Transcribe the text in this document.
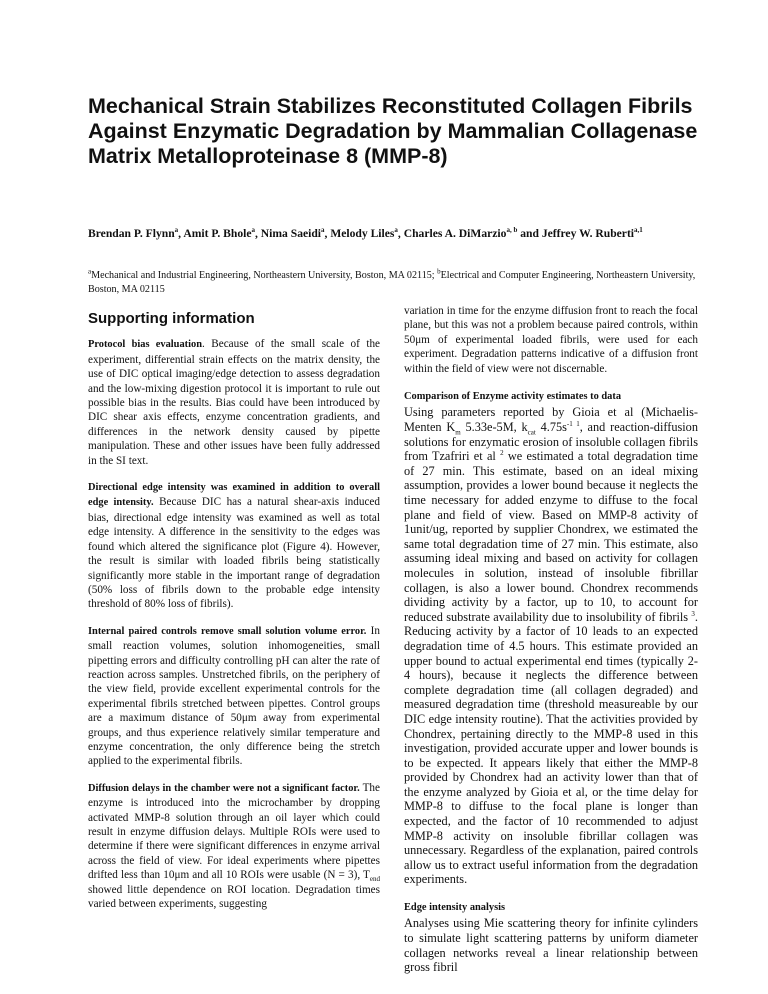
Mechanical Strain Stabilizes Reconstituted Collagen Fibrils Against Enzymatic Degradation by Mammalian Collagenase Matrix Metalloproteinase 8 (MMP-8)
Brendan P. Flynn$^a$, Amit P. Bhole$^a$, Nima Saeidi$^a$, Melody Liles$^a$, Charles A. DiMarzio$^{a, b}$ and Jeffrey W. Ruberti$^{a,1}$
$^a$Mechanical and Industrial Engineering, Northeastern University, Boston, MA 02115; $^b$Electrical and Computer Engineering, Northeastern University, Boston, MA 02115
Supporting information

Protocol bias evaluation. Because of the small scale of the experiment, differential strain effects on the matrix density, the use of DIC optical imaging/edge detection to assess degradation and the low-mixing digestion protocol it is important to rule out possible bias in the results. Bias could have been introduced by DIC shear axis effects, enzyme concentration gradients, and differences in the network density caused by pipette manipulation. These and other issues have been fully addressed in the SI text.

Directional edge intensity was examined in addition to overall edge intensity. Because DIC has a natural shear-axis induced bias, directional edge intensity was examined as well as total edge intensity. A difference in the sensitivity to the edges was found which altered the significance plot (Figure 4). However, the result is similar with loaded fibrils being statistically significantly more stable in the important range of degradation (50% loss of fibrils down to the probable edge intensity threshold of 80% loss of fibrils).

Internal paired controls remove small solution volume error. In small reaction volumes, solution inhomogeneities, small pipetting errors and difficulty controlling pH can alter the rate of reaction across samples. Unstretched fibrils, on the periphery of the view field, provide excellent experimental controls for the experimental fibrils stretched between pipettes. Control groups are a maximum distance of 50μm away from experimental groups, and thus experience relatively similar temperature and enzyme concentration, the only difference being the stretch applied to the experimental fibrils.

Diffusion delays in the chamber were not a significant factor. The enzyme is introduced into the microchamber by dropping activated MMP-8 solution through an oil layer which could result in enzyme diffusion delays. Multiple ROIs were used to determine if there were significant differences in enzyme arrival across the field of view. For ideal experiments where pipettes drifted less than 10μm and all 10 ROIs were usable (N = 3), $T_{end}$ showed little dependence on ROI location. Degradation times varied between experiments, suggesting

variation in time for the enzyme diffusion front to reach the focal plane, but this was not a problem because paired controls, within 50μm of experimental loaded fibrils, were used for each experiment. Degradation patterns indicative of a diffusion front within the field of view were not discernable.

Comparison of Enzyme activity estimates to data

Using parameters reported by Gioia et al (Michaelis-Menten $K_m$ 5.33e-5M, $k_{cat}$ $4.75s^{-1 1}$, and reaction-diffusion solutions for enzymatic erosion of insoluble collagen fibrils from Tzafriri et al $^2$ we estimated a total degradation time of 27 min. This estimate, based on an ideal mixing assumption, provides a lower bound because it neglects the time necessary for added enzyme to diffuse to the focal plane and field of view. Based on MMP-8 activity of 1unit/ug, reported by supplier Chondrex, we estimated the same total degradation time of 27 min. This estimate, also assuming ideal mixing and based on activity for collagen molecules in solution, instead of insoluble fibrillar collagen, is also a lower bound. Chondrex recommends dividing activity by a factor, up to 10, to account for reduced substrate availability due to insolubility of fibrils $^3$. Reducing activity by a factor of 10 leads to an expected degradation time of 4.5 hours. This estimate provided an upper bound to actual experimental end times (typically 2-4 hours), because it neglects the difference between complete degradation time (all collagen degraded) and measured degradation time (threshold measureable by our DIC edge intensity routine). That the activities provided by Chondrex, pertaining directly to the MMP-8 used in this investigation, provided accurate upper and lower bounds is to be expected. It appears likely that either the MMP-8 provided by Chondrex had an activity lower than that of the enzyme analyzed by Gioia et al, or the time delay for MMP-8 to diffuse to the focal plane is longer than expected, and the factor of 10 recommended to adjust MMP-8 activity on insoluble fibrillar collagen was unnecessary. Regardless of the explanation, paired controls allow us to extract useful information from the degradation experiments.

Edge intensity analysis

Analyses using Mie scattering theory for infinite cylinders to simulate light scattering patterns by uniform diameter collagen networks reveal a linear relationship between gross fibril
